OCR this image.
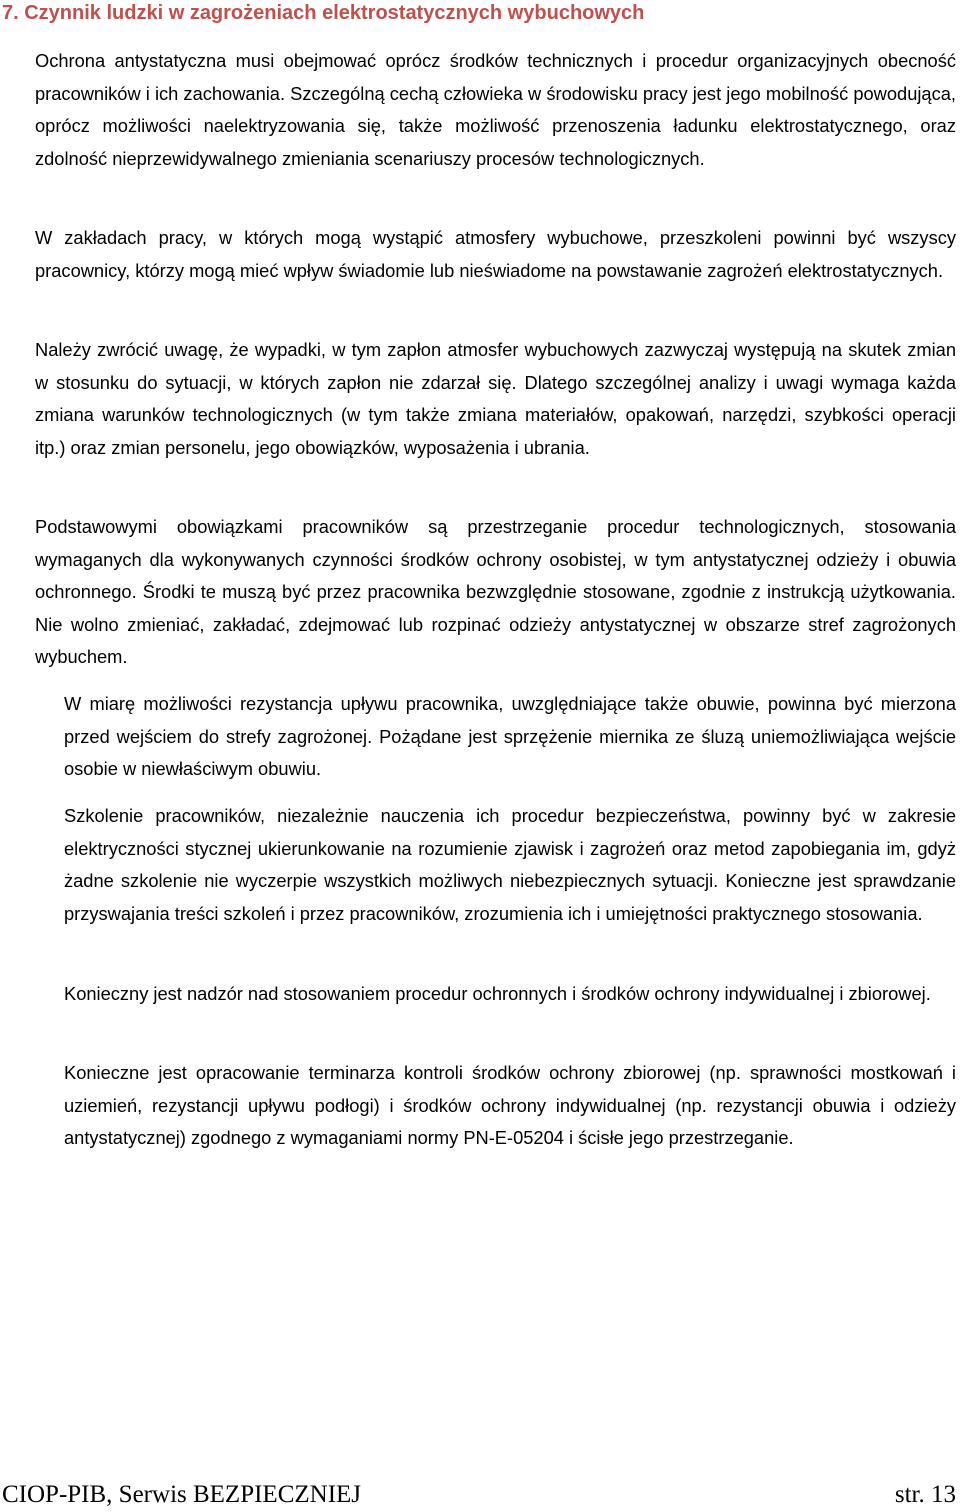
7. Czynnik ludzki w zagrożeniach elektrostatycznych wybuchowych

Ochrona antystatyczna musi obejmować oprócz środków technicznych i procedur organizacyjnych obecność pracowników i ich zachowania. Szczególną cechą człowieka w środowisku pracy jest jego mobilność powodująca, oprócz możliwości naelektryzowania się, także możliwość przenoszenia ładunku elektrostatycznego, oraz zdolność nieprzewidywalnego zmieniania scenariuszy procesów technologicznych.

W zakładach pracy, w których mogą wystąpić atmosfery wybuchowe, przeszkoleni powinni być wszyscy pracownicy, którzy mogą mieć wpływ świadomie lub nieświadome na powstawanie zagrożeń elektrostatycznych.

Należy zwrócić uwagę, że wypadki, w tym zapłon atmosfer wybuchowych zazwyczaj występują na skutek zmian w stosunku do sytuacji, w których zapłon nie zdarzał się. Dlatego szczególnej analizy i uwagi wymaga każda zmiana warunków technologicznych (w tym także zmiana materiałów, opakowań, narzędzi, szybkości operacji itp.) oraz zmian personelu, jego obowiązków, wyposażenia i ubrania.

Podstawowymi obowiązkami pracowników są przestrzeganie procedur technologicznych, stosowania wymaganych dla wykonywanych czynności środków ochrony osobistej, w tym antystatycznej odzieży i obuwia ochronnego. Środki te muszą być przez pracownika bezwzględnie stosowane, zgodnie z instrukcją użytkowania. Nie wolno zmieniać, zakładać, zdejmować lub rozpinać odzieży antystatycznej w obszarze stref zagrożonych wybuchem.

W miarę możliwości rezystancja upływu pracownika, uwzględniające także obuwie, powinna być mierzona przed wejściem do strefy zagrożonej. Pożądane jest sprzężenie miernika ze śluzą uniemożliwiająca wejście osobie w niewłaściwym obuwiu.

Szkolenie pracowników, niezależnie nauczenia ich procedur bezpieczeństwa, powinny być w zakresie elektryczności stycznej ukierunkowanie na rozumienie zjawisk i zagrożeń oraz metod zapobiegania im, gdyż żadne szkolenie nie wyczerpie wszystkich możliwych niebezpiecznych sytuacji. Konieczne jest sprawdzanie przyswajania treści szkoleń i przez pracowników, zrozumienia ich i umiejętności praktycznego stosowania.

Konieczny jest nadzór nad stosowaniem procedur ochronnych i środków ochrony indywidualnej i zbiorowej.

Konieczne jest opracowanie terminarza kontroli środków ochrony zbiorowej (np. sprawności mostkowań i uziemień, rezystancji upływu podłogi) i środków ochrony indywidualnej (np. rezystancji obuwia i odzieży antystatycznej) zgodnego z wymaganiami normy PN-E-05204 i ścisłe jego przestrzeganie.

CIOP-PIB, Serwis BEZPIECZNIEJ	str. 13
